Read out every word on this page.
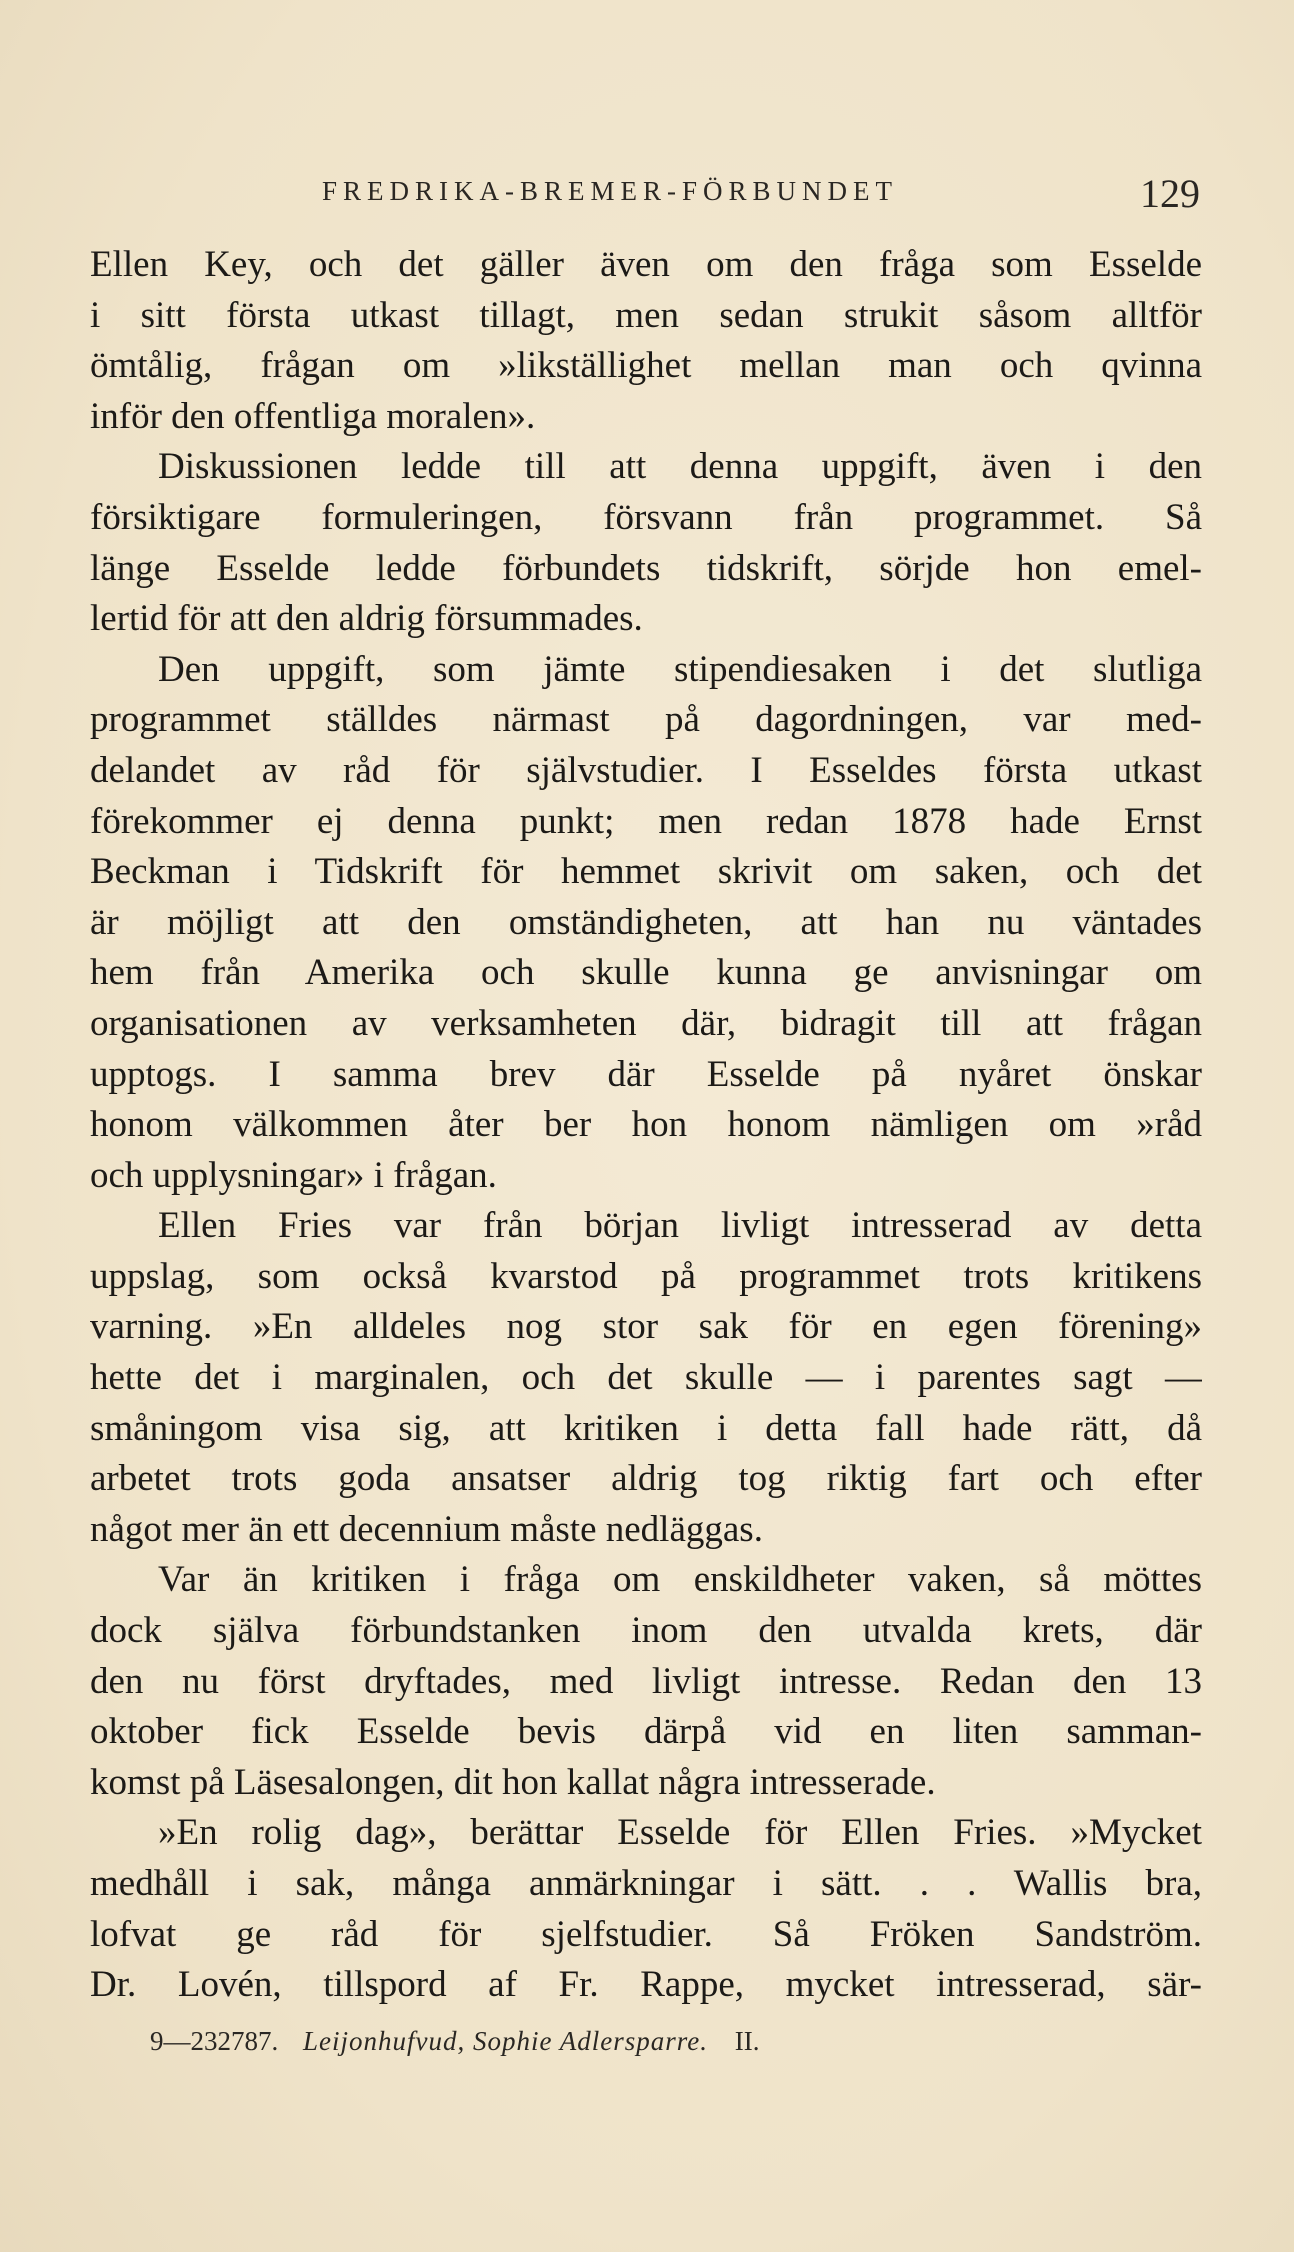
FREDRIKA-BREMER-FÖRBUNDET	129
Ellen Key, och det gäller även om den fråga som Esselde
i sitt första utkast tillagt, men sedan strukit såsom alltför
ömtålig, frågan om »likställighet mellan man och qvinna
inför den offentliga moralen».
Diskussionen ledde till att denna uppgift, även i den
försiktigare formuleringen, försvann från programmet. Så
länge Esselde ledde förbundets tidskrift, sörjde hon emel-
lertid för att den aldrig försummades.
Den uppgift, som jämte stipendiesaken i det slutliga
programmet ställdes närmast på dagordningen, var med-
delandet av råd för självstudier. I Esseldes första utkast
förekommer ej denna punkt; men redan 1878 hade Ernst
Beckman i Tidskrift för hemmet skrivit om saken, och det
är möjligt att den omständigheten, att han nu väntades
hem från Amerika och skulle kunna ge anvisningar om
organisationen av verksamheten där, bidragit till att frågan
upptogs. I samma brev där Esselde på nyåret önskar
honom välkommen åter ber hon honom nämligen om »råd
och upplysningar» i frågan.
Ellen Fries var från början livligt intresserad av detta
uppslag, som också kvarstod på programmet trots kritikens
varning. »En alldeles nog stor sak för en egen förening»
hette det i marginalen, och det skulle — i parentes sagt —
småningom visa sig, att kritiken i detta fall hade rätt, då
arbetet trots goda ansatser aldrig tog riktig fart och efter
något mer än ett decennium måste nedläggas.
Var än kritiken i fråga om enskildheter vaken, så möttes
dock själva förbundstanken inom den utvalda krets, där
den nu först dryftades, med livligt intresse. Redan den 13
oktober fick Esselde bevis därpå vid en liten samman-
komst på Läsesalongen, dit hon kallat några intresserade.
»En rolig dag», berättar Esselde för Ellen Fries. »Mycket
medhåll i sak, många anmärkningar i sätt. . . Wallis bra,
lofvat ge råd för sjelfstudier. Så Fröken Sandström.
Dr. Lovén, tillspord af Fr. Rappe, mycket intresserad, sär-
9—232787. Leijonhufvud, Sophie Adlersparre. II.
